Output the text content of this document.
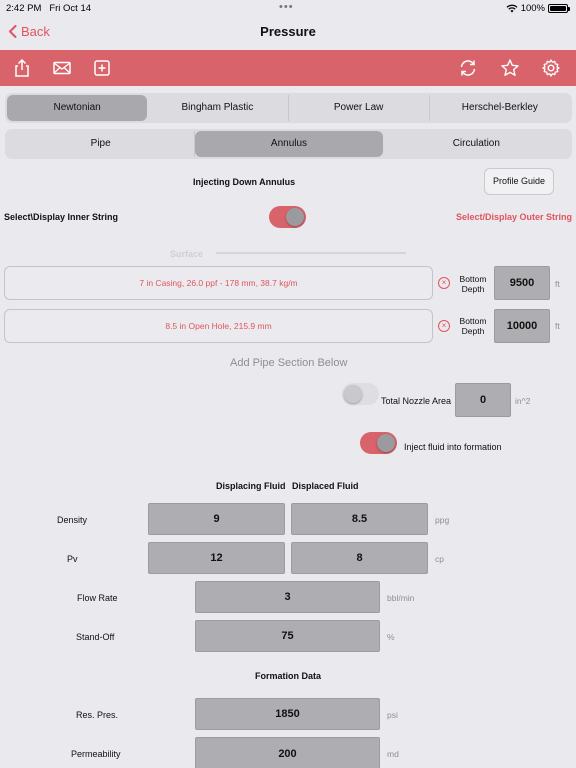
2:42 PM Fri Oct 14	•••	100%
Pressure
Back
Newtonian	Bingham Plastic	Power Law	Herschel-Berkley
Pipe	Annulus	Circulation
Injecting Down Annulus	Profile Guide
Select\Display Inner String	Select/Display Outer String
Surface
7 in Casing, 26.0 ppf - 178 mm, 38.7 kg/m	×	Bottom Depth	9500	ft
8.5 in Open Hole, 215.9 mm	×	Bottom Depth	10000	ft
Add Pipe Section Below
Total Nozzle Area	0	in^2
Inject fluid into formation
Displacing Fluid Displaced Fluid
Density	9	8.5	ppg
Pv	12	8	cp
Flow Rate	3	bbl/min
Stand-Off	75	%
Formation Data
Res. Pres.	1850	psi
Permeability	200	md
